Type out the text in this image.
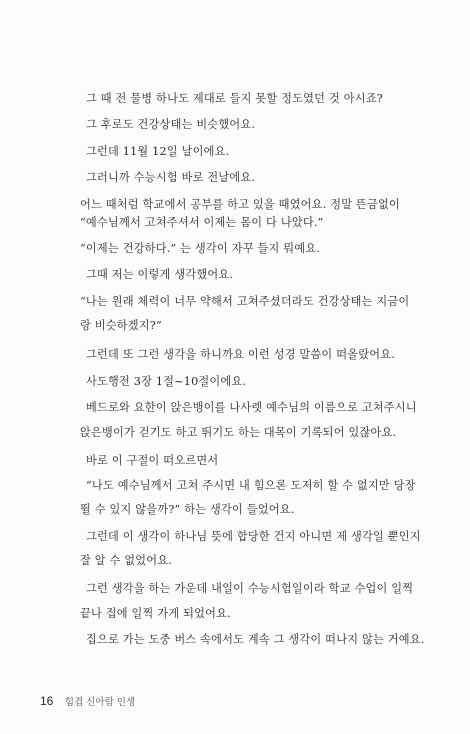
그 때 전 물병 하나도 제대로 들지 못할 정도였던 것 아시죠?
그 후로도 건강상태는 비슷했어요.
그런데 11월 12일 날이에요.
그러니까 수능시험 바로 전날에요.
어느 때처럼 학교에서 공부를 하고 있을 때였어요. 정말 뜬금없이
“예수님께서 고쳐주셔서 이제는 몸이 다 나았다.”
“이제는 건강하다.” 는 생각이 자꾸 들지 뭐예요.
그때 저는 이렇게 생각했어요.
“나는 원래 체력이 너무 약해서 고쳐주셨더라도 건강상태는 지금이
랑 비슷하겠지?”
그런데 또 그런 생각을 하니까요 이런 성경 말씀이 떠올랐어요.
사도행전 3장 1절~10절이에요.
베드로와 요한이 앉은뱅이를 나사렛 예수님의 이름으로 고쳐주시니
앉은뱅이가 걷기도 하고 뛰기도 하는 대목이 기록되어 있잖아요.
바로 이 구절이 떠오르면서
“나도 예수님께서 고쳐 주시면 내 힘으론 도저히 할 수 없지만 당장
뛸 수 있지 않을까?” 하는 생각이 들었어요.
그런데 이 생각이 하나님 뜻에 합당한 건지 아니면 제 생각일 뿐인지
잘 알 수 없었어요.
그런 생각을 하는 가운데 내일이 수능시험일이라 학교 수업이 일찍
끝나 집에 일찍 가게 되었어요.
집으로 가는 도중 버스 속에서도 계속 그 생각이 떠나지 않는 거예요.
16 힘겹 신아람 인생
